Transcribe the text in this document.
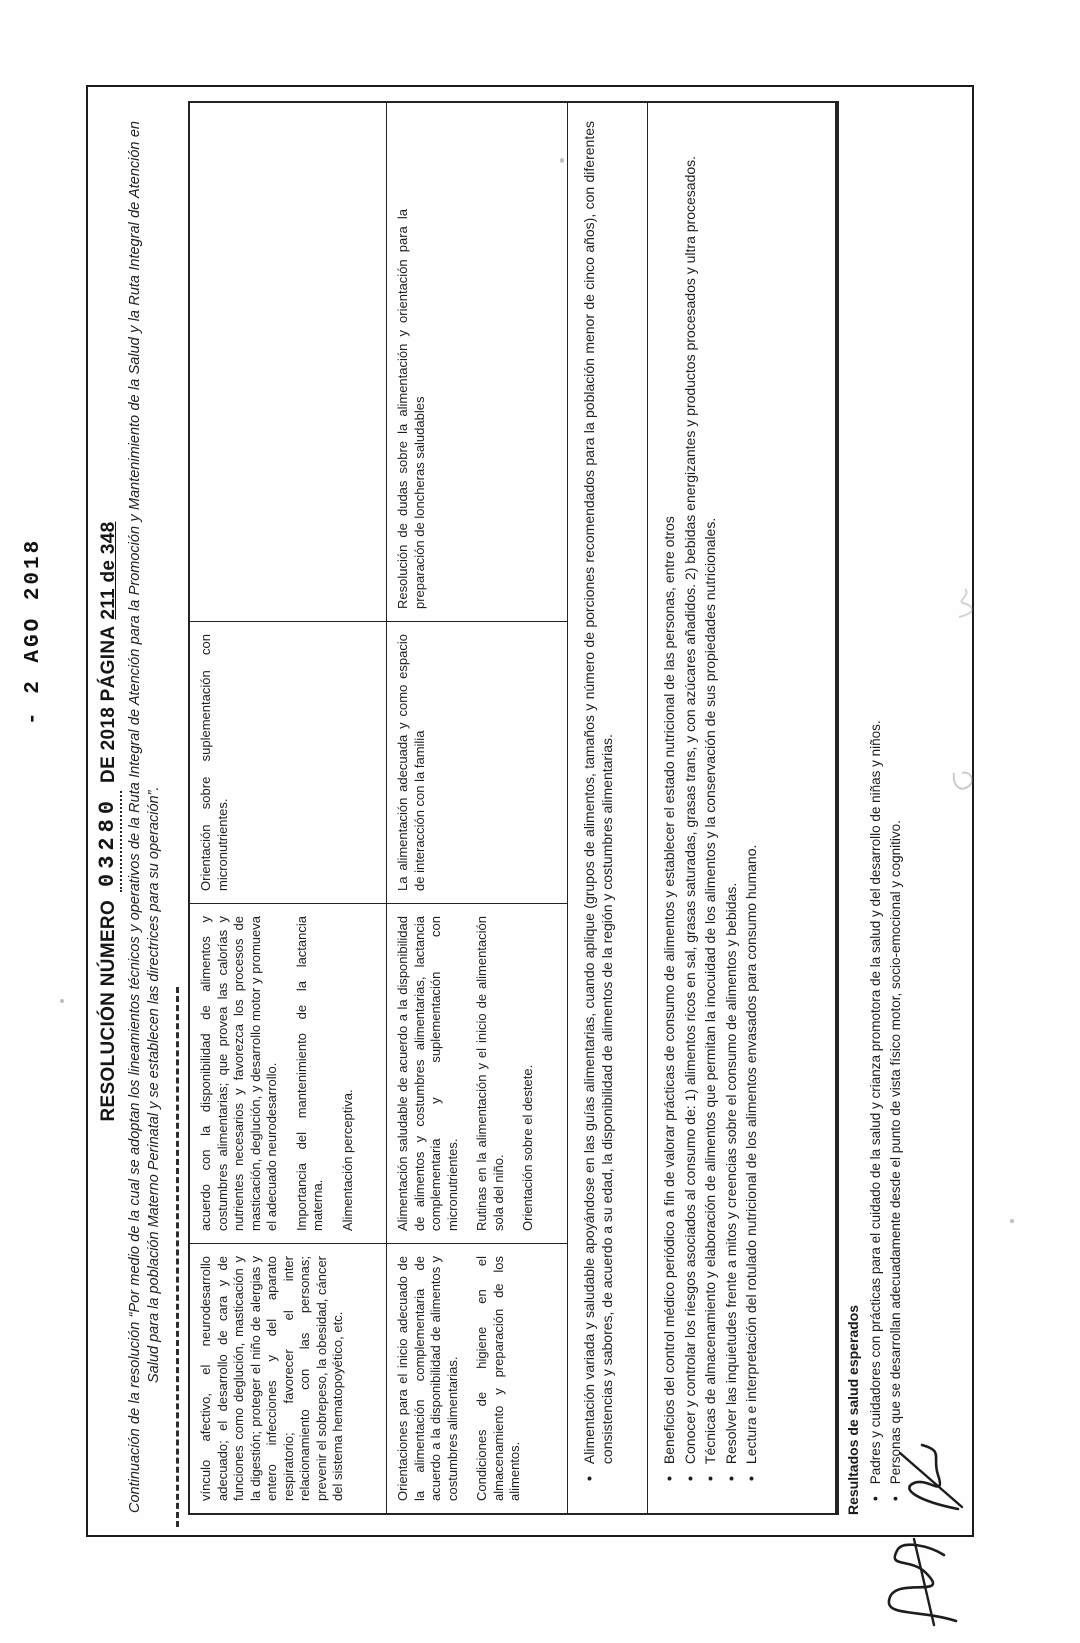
- 2 AGO 2018
RESOLUCIÓN NÚMERO03280DE 2018 PÁGINA211 de 348 Continuación de la resolución “Por medio de la cual se adoptan los lineamientos técnicos y operativos de la Ruta Integral de Atención para la Promoción y Mantenimiento de la Salud y la Ruta Integral de Atención en Salud para la población Materno Perinatal y se establecen las directrices para su operación”.	vínculo afectivo, el neurodesarrollo adecuado; el desarrollo de cara y de funciones como deglución, masticación y la digestión; proteger el niño de alergias y entero infecciones y del aparato respiratorio; favorecer el inter relacionamiento con las personas; prevenir el sobrepeso, la obesidad, cáncer del sistema hematopoyético, etc.

acuerdo con la disponibilidad de alimentos y costumbres alimentarias; que provea las calorías y nutrientes necesarios y favorezca los procesos de masticación, deglución, y desarrollo motor y promueva el adecuado neurodesarrollo. Importancia del mantenimiento de la lactancia materna. Alimentación perceptiva.

Orientación sobre suplementación con micronutrientes.

Orientaciones para el inicio adecuado de la alimentación complementaria de acuerdo a la disponibilidad de alimentos y costumbres alimentarias. Condiciones de higiene en el almacenamiento y preparación de los alimentos.

Alimentación saludable de acuerdo a la disponibilidad de alimentos y costumbres alimentarias, lactancia complementaria y suplementación con micronutrientes. Rutinas en la alimentación y el inicio de alimentación sola del niño. Orientación sobre el destete.

La alimentación adecuada y como espacio de interacción con la familia

Resolución de dudas sobre la alimentación y orientación para la preparación de loncheras saludables

•
Alimentación variada y saludable apoyándose en las guías alimentarias, cuando aplique (grupos de alimentos, tamaños y número de porciones recomendados para la población menor de cinco años), con diferentes consistencias y sabores, de acuerdo a su edad, la disponibilidad de alimentos de la región y costumbres alimentarias.
•
Beneficios del control médico periódico a fin de valorar prácticas de consumo de alimentos y establecer el estado nutricional de las personas, entre otros
•
Conocer y controlar los riesgos asociados al consumo de: 1) alimentos ricos en sal, grasas saturadas, grasas trans, y con azúcares añadidos. 2) bebidas energizantes y productos procesados y ultra procesados.
•
Técnicas de almacenamiento y elaboración de alimentos que permitan la inocuidad de los alimentos y la conservación de sus propiedades nutricionales.
•
Resolver las inquietudes frente a mitos y creencias sobre el consumo de alimentos y bebidas.
•
Lectura e interpretación del rotulado nutricional de los alimentos envasados para consumo humano.	Resultados de salud esperados •
Padres y cuidadores con prácticas para el cuidado de la salud y crianza promotora de la salud y del desarrollo de niñas y niños.
•
Personas que se desarrollan adecuadamente desde el punto de vista físico motor, socio-emocional y cognitivo.
